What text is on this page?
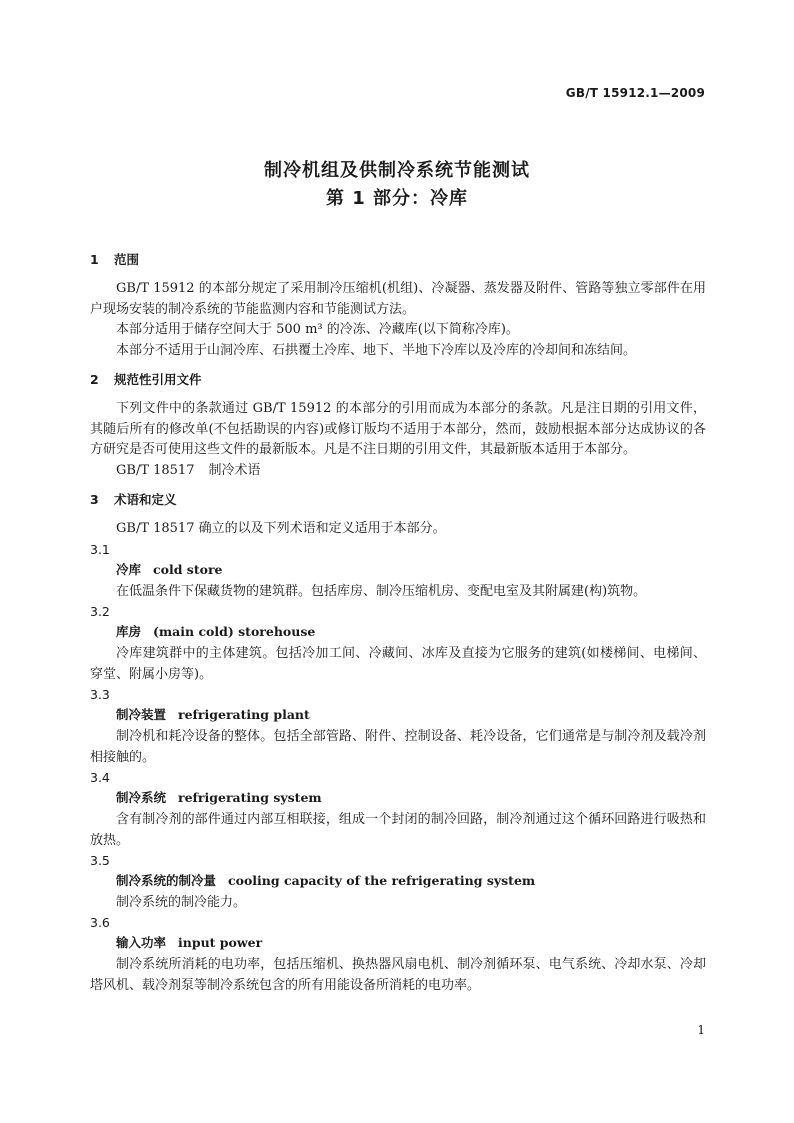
GB/T 15912.1—2009
制冷机组及供制冷系统节能测试
第 1 部分：冷库
1 范围
GB/T 15912 的本部分规定了采用制冷压缩机(机组)、冷凝器、蒸发器及附件、管路等独立零部件在用户现场安装的制冷系统的节能监测内容和节能测试方法。
本部分适用于储存空间大于 500 m³ 的冷冻、冷藏库(以下简称冷库)。
本部分不适用于山洞冷库、石拱覆土冷库、地下、半地下冷库以及冷库的冷却间和冻结间。
2 规范性引用文件
下列文件中的条款通过 GB/T 15912 的本部分的引用而成为本部分的条款。凡是注日期的引用文件，其随后所有的修改单(不包括勘误的内容)或修订版均不适用于本部分，然而，鼓励根据本部分达成协议的各方研究是否可使用这些文件的最新版本。凡是不注日期的引用文件，其最新版本适用于本部分。
GB/T 18517 制冷术语
3 术语和定义
GB/T 18517 确立的以及下列术语和定义适用于本部分。
3.1
冷库 cold store
在低温条件下保藏货物的建筑群。包括库房、制冷压缩机房、变配电室及其附属建(构)筑物。
3.2
库房 (main cold) storehouse
冷库建筑群中的主体建筑。包括冷加工间、冷藏间、冰库及直接为它服务的建筑(如楼梯间、电梯间、穿堂、附属小房等)。
3.3
制冷装置 refrigerating plant
制冷机和耗冷设备的整体。包括全部管路、附件、控制设备、耗冷设备，它们通常是与制冷剂及载冷剂相接触的。
3.4
制冷系统 refrigerating system
含有制冷剂的部件通过内部互相联接，组成一个封闭的制冷回路，制冷剂通过这个循环回路进行吸热和放热。
3.5
制冷系统的制冷量 cooling capacity of the refrigerating system
制冷系统的制冷能力。
3.6
输入功率 input power
制冷系统所消耗的电功率，包括压缩机、换热器风扇电机、制冷剂循环泵、电气系统、冷却水泵、冷却塔风机、载冷剂泵等制冷系统包含的所有用能设备所消耗的电功率。
1
